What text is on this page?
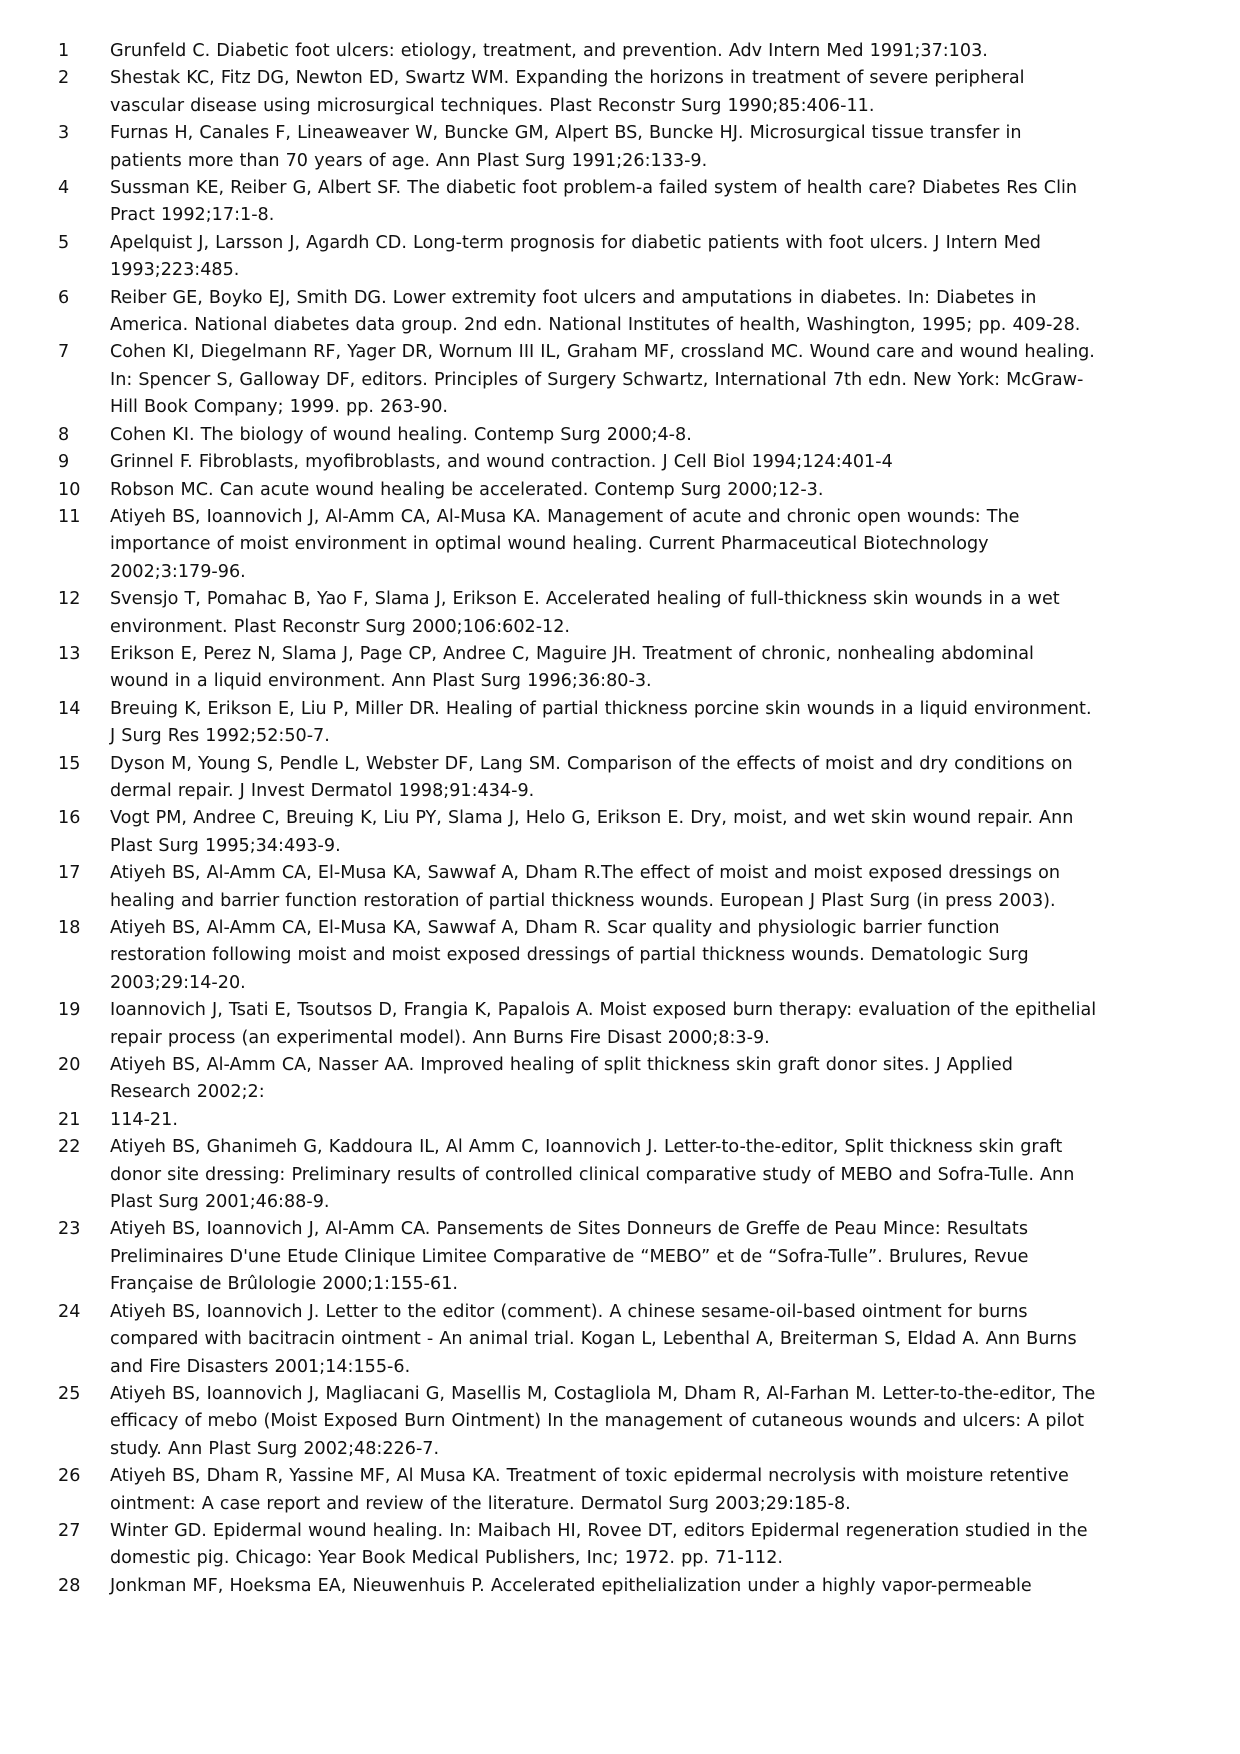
1	Grunfeld C. Diabetic foot ulcers: etiology, treatment, and prevention. Adv Intern Med 1991;37:103.
2	Shestak KC, Fitz DG, Newton ED, Swartz WM. Expanding the horizons in treatment of severe peripheral vascular disease using microsurgical techniques. Plast Reconstr Surg 1990;85:406-11.
3	Furnas H, Canales F, Lineaweaver W, Buncke GM, Alpert BS, Buncke HJ. Microsurgical tissue transfer in patients more than 70 years of age. Ann Plast Surg 1991;26:133-9.
4	Sussman KE, Reiber G, Albert SF. The diabetic foot problem-a failed system of health care? Diabetes Res Clin Pract 1992;17:1-8.
5	Apelquist J, Larsson J, Agardh CD. Long-term prognosis for diabetic patients with foot ulcers. J Intern Med 1993;223:485.
6	Reiber GE, Boyko EJ, Smith DG. Lower extremity foot ulcers and amputations in diabetes. In: Diabetes in America. National diabetes data group. 2nd edn. National Institutes of health, Washington, 1995; pp. 409-28.
7	Cohen KI, Diegelmann RF, Yager DR, Wornum III IL, Graham MF, crossland MC. Wound care and wound healing. In: Spencer S, Galloway DF, editors. Principles of Surgery Schwartz, International 7th edn. New York: McGraw-Hill Book Company; 1999. pp. 263-90.
8	Cohen KI. The biology of wound healing. Contemp Surg 2000;4-8.
9	Grinnel F. Fibroblasts, myofibroblasts, and wound contraction. J Cell Biol 1994;124:401-4
10	Robson MC. Can acute wound healing be accelerated. Contemp Surg 2000;12-3.
11	Atiyeh BS, Ioannovich J, Al-Amm CA, Al-Musa KA. Management of acute and chronic open wounds: The importance of moist environment in optimal wound healing. Current Pharmaceutical Biotechnology 2002;3:179-96.
12	Svensjo T, Pomahac B, Yao F, Slama J, Erikson E. Accelerated healing of full-thickness skin wounds in a wet environment. Plast Reconstr Surg 2000;106:602-12.
13	Erikson E, Perez N, Slama J, Page CP, Andree C, Maguire JH. Treatment of chronic, nonhealing abdominal wound in a liquid environment. Ann Plast Surg 1996;36:80-3.
14	Breuing K, Erikson E, Liu P, Miller DR. Healing of partial thickness porcine skin wounds in a liquid environment. J Surg Res 1992;52:50-7.
15	Dyson M, Young S, Pendle L, Webster DF, Lang SM. Comparison of the effects of moist and dry conditions on dermal repair. J Invest Dermatol 1998;91:434-9.
16	Vogt PM, Andree C, Breuing K, Liu PY, Slama J, Helo G, Erikson E. Dry, moist, and wet skin wound repair. Ann Plast Surg 1995;34:493-9.
17	Atiyeh BS, Al-Amm CA, El-Musa KA, Sawwaf A, Dham R.The effect of moist and moist exposed dressings on healing and barrier function restoration of partial thickness wounds. European J Plast Surg (in press 2003).
18	Atiyeh BS, Al-Amm CA, El-Musa KA, Sawwaf A, Dham R. Scar quality and physiologic barrier function restoration following moist and moist exposed dressings of partial thickness wounds. Dematologic Surg 2003;29:14-20.
19	Ioannovich J, Tsati E, Tsoutsos D, Frangia K, Papalois A. Moist exposed burn therapy: evaluation of the epithelial repair process (an experimental model). Ann Burns Fire Disast 2000;8:3-9.
20	Atiyeh BS, Al-Amm CA, Nasser AA. Improved healing of split thickness skin graft donor sites. J Applied Research 2002;2:
21	114-21.
22	Atiyeh BS, Ghanimeh G, Kaddoura IL, Al Amm C, Ioannovich J. Letter-to-the-editor, Split thickness skin graft donor site dressing: Preliminary results of controlled clinical comparative study of MEBO and Sofra-Tulle. Ann Plast Surg 2001;46:88-9.
23	Atiyeh BS, Ioannovich J, Al-Amm CA. Pansements de Sites Donneurs de Greffe de Peau Mince: Resultats Preliminaires D'une Etude Clinique Limitee Comparative de “MEBO” et de “Sofra-Tulle”. Brulures, Revue Française de Brûlologie 2000;1:155-61.
24	Atiyeh BS, Ioannovich J. Letter to the editor (comment). A chinese sesame-oil-based ointment for burns compared with bacitracin ointment - An animal trial. Kogan L, Lebenthal A, Breiterman S, Eldad A. Ann Burns and Fire Disasters 2001;14:155-6.
25	Atiyeh BS, Ioannovich J, Magliacani G, Masellis M, Costagliola M, Dham R, Al-Farhan M. Letter-to-the-editor, The efficacy of mebo (Moist Exposed Burn Ointment) In the management of cutaneous wounds and ulcers: A pilot study. Ann Plast Surg 2002;48:226-7.
26	Atiyeh BS, Dham R, Yassine MF, Al Musa KA. Treatment of toxic epidermal necrolysis with moisture retentive ointment: A case report and review of the literature. Dermatol Surg 2003;29:185-8.
27	Winter GD. Epidermal wound healing. In: Maibach HI, Rovee DT, editors Epidermal regeneration studied in the domestic pig. Chicago: Year Book Medical Publishers, Inc; 1972. pp. 71-112.
28	Jonkman MF, Hoeksma EA, Nieuwenhuis P. Accelerated epithelialization under a highly vapor-permeable
